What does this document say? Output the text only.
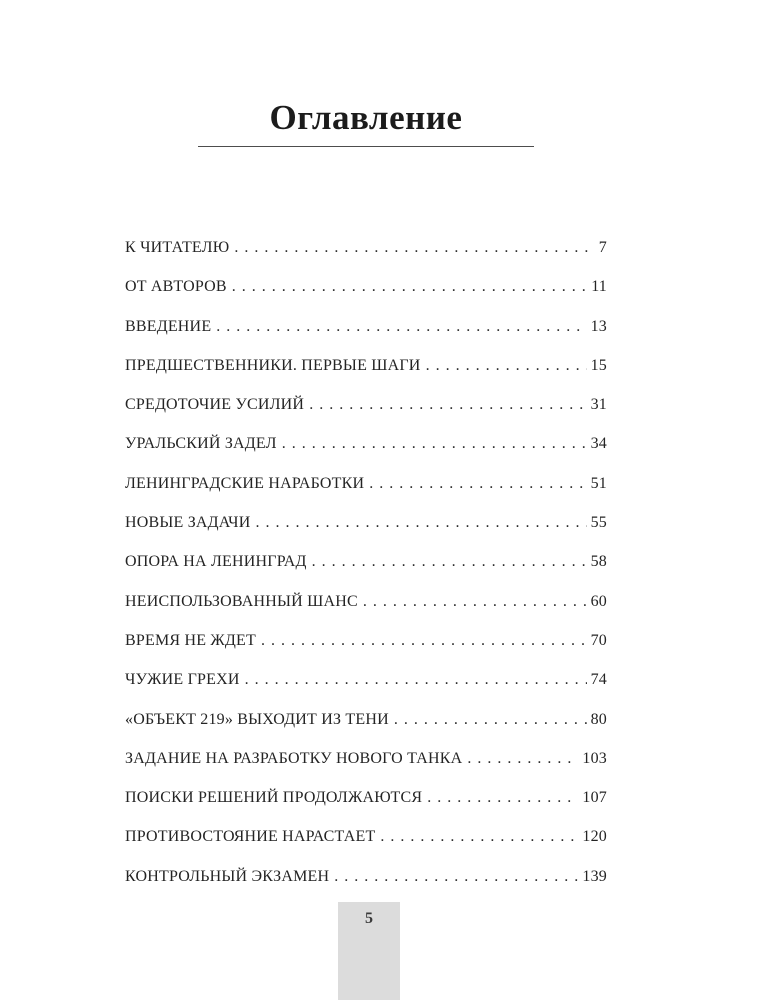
Оглавление
К ЧИТАТЕЛЮ . . .	7
ОТ АВТОРОВ . . .	11
ВВЕДЕНИЕ . . .	13
ПРЕДШЕСТВЕННИКИ. ПЕРВЫЕ ШАГИ . . .	15
СРЕДОТОЧИЕ УСИЛИЙ . . .	31
УРАЛЬСКИЙ ЗАДЕЛ . . .	34
ЛЕНИНГРАДСКИЕ НАРАБОТКИ . . .	51
НОВЫЕ ЗАДАЧИ . . .	55
ОПОРА НА ЛЕНИНГРАД . . .	58
НЕИСПОЛЬЗОВАННЫЙ ШАНС . . .	60
ВРЕМЯ НЕ ЖДЕТ . . .	70
ЧУЖИЕ ГРЕХИ . . .	74
«ОБЪЕКТ 219» ВЫХОДИТ ИЗ ТЕНИ . . .	80
ЗАДАНИЕ НА РАЗРАБОТКУ НОВОГО ТАНКА . . .	103
ПОИСКИ РЕШЕНИЙ ПРОДОЛЖАЮТСЯ . . .	107
ПРОТИВОСТОЯНИЕ НАРАСТАЕТ . . .	120
КОНТРОЛЬНЫЙ ЭКЗАМЕН . . .	139
5
